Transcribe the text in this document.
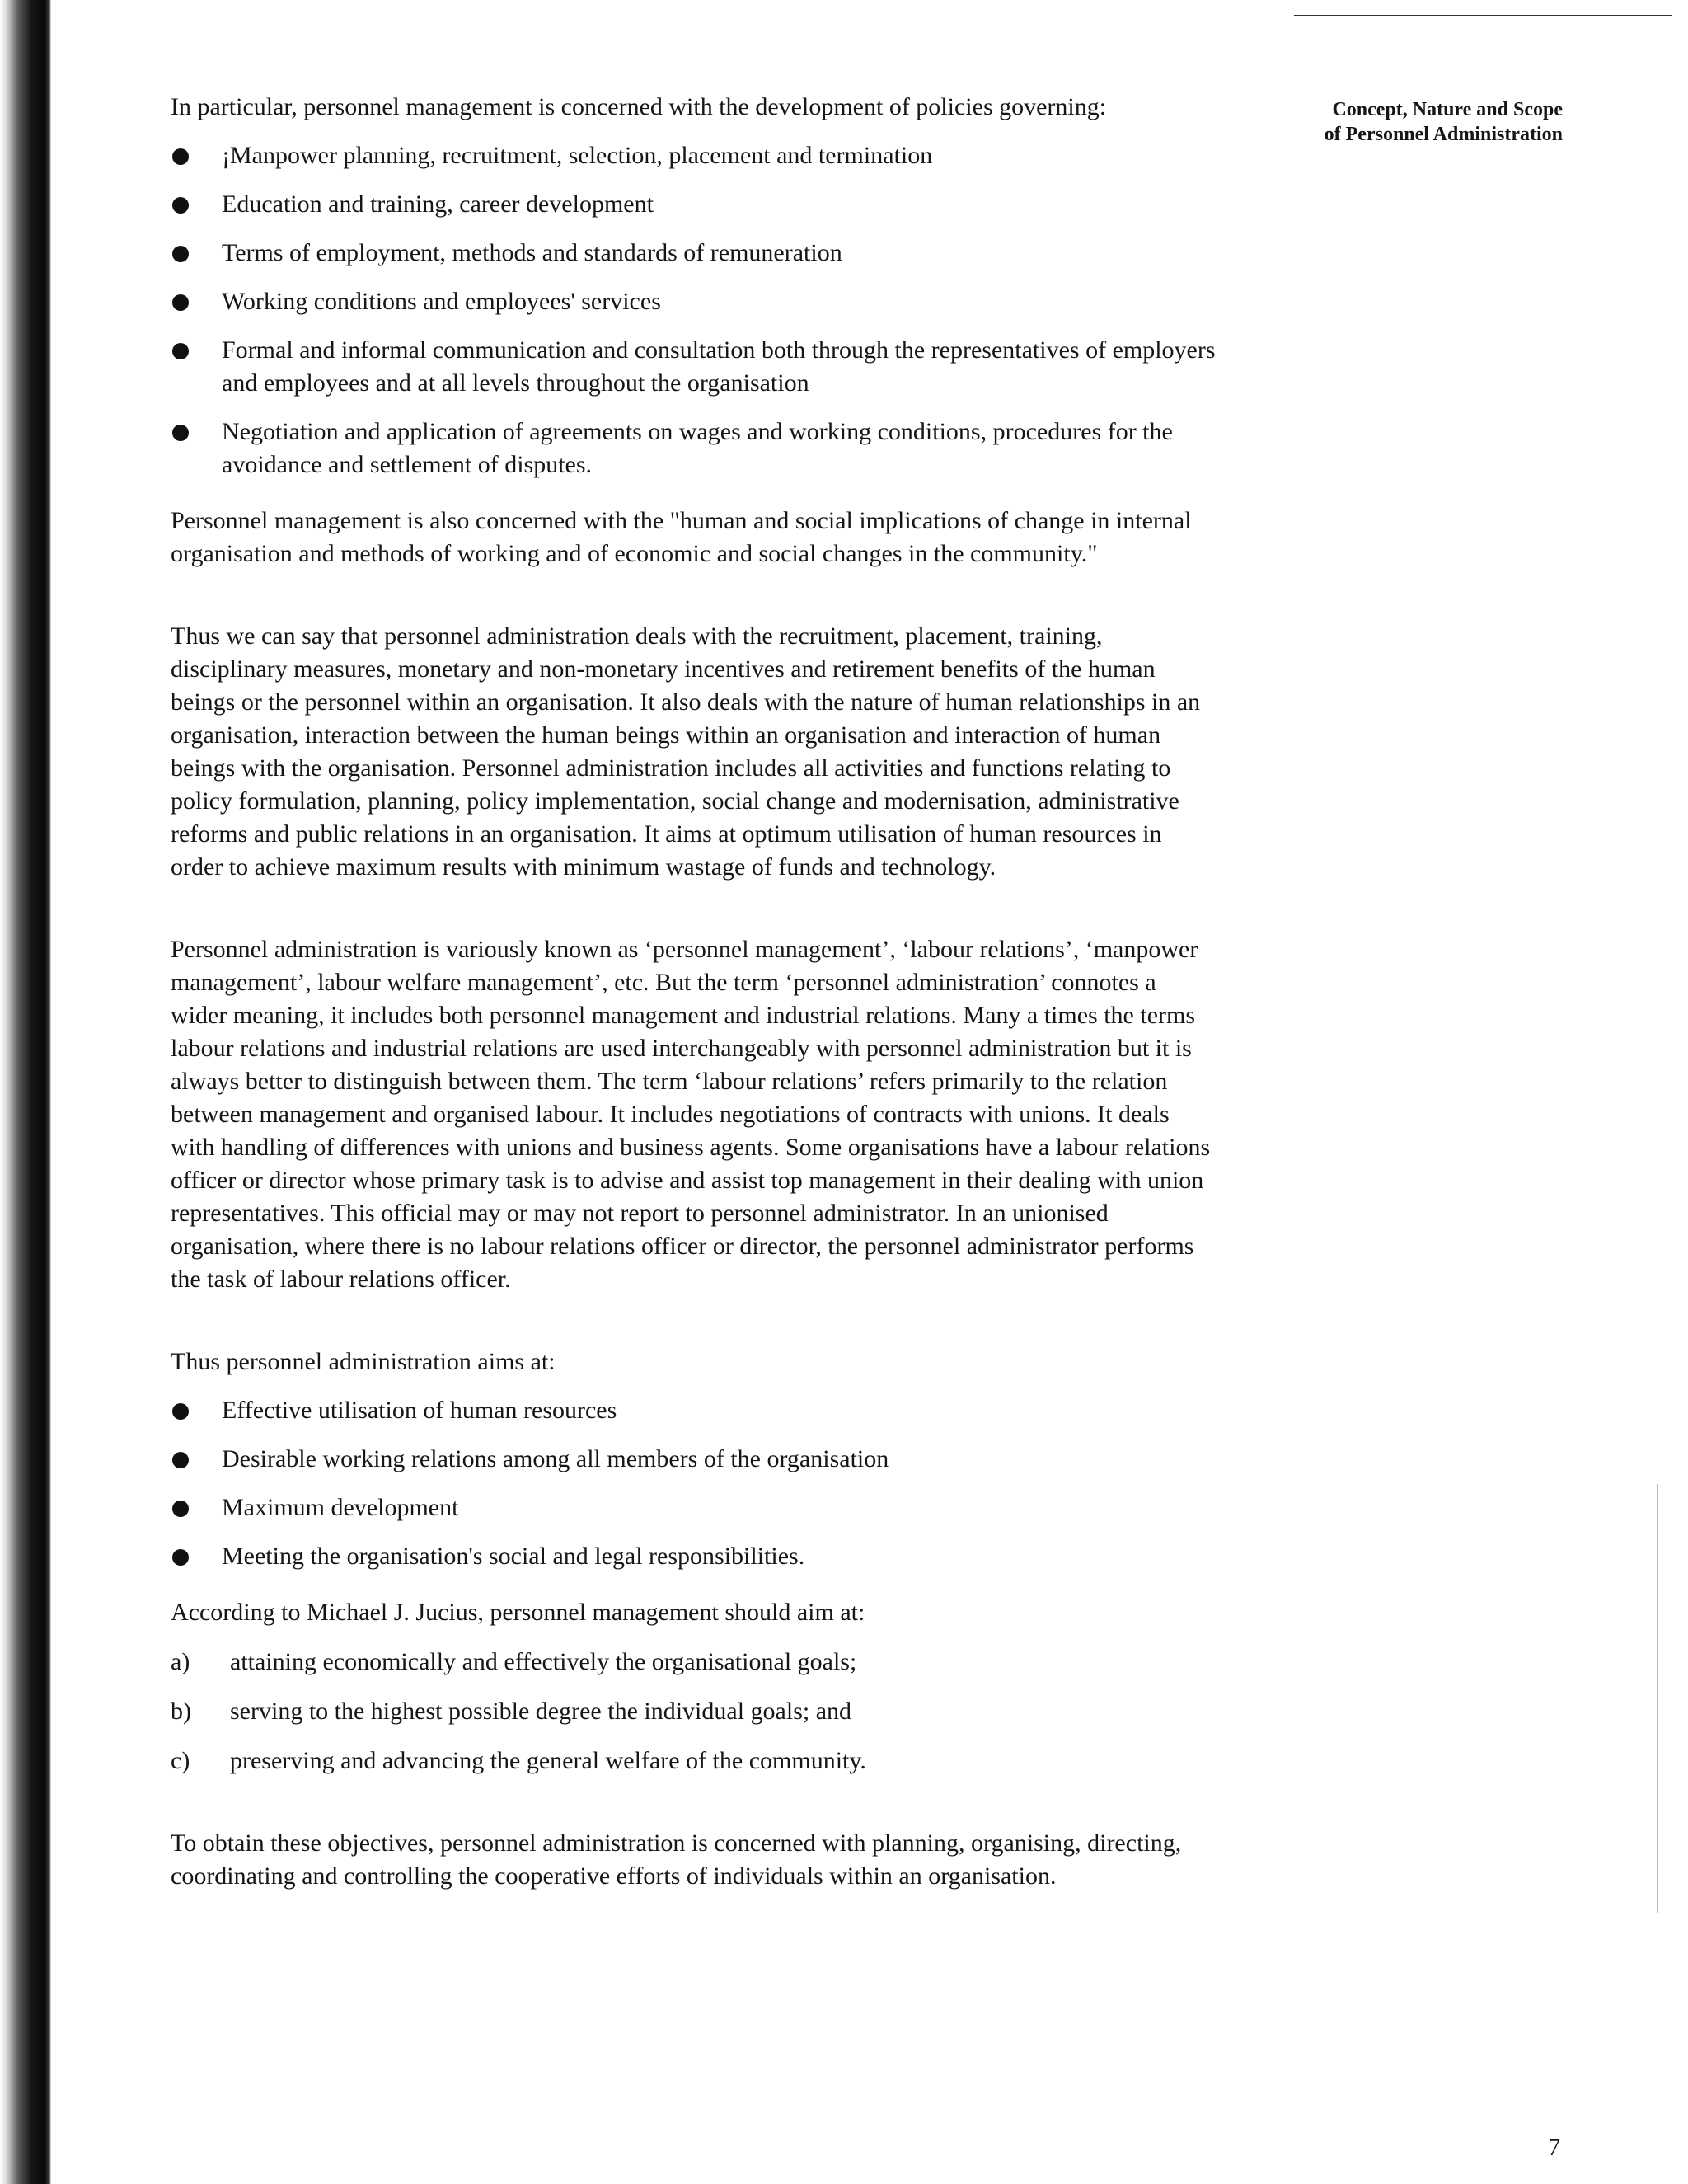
Concept, Nature and Scope
of Personnel Administration

In particular, personnel management is concerned with the development of policies governing:

¡Manpower planning, recruitment, selection, placement and termination
Education and training, career development
Terms of employment, methods and standards of remuneration
Working conditions and employees' services
Formal and informal communication and consultation both through the representatives of employers and employees and at all levels throughout the organisation
Negotiation and application of agreements on wages and working conditions, procedures for the avoidance and settlement of disputes.

Personnel management is also concerned with the "human and social implications of change in internal organisation and methods of working and of economic and social changes in the community."

Thus we can say that personnel administration deals with the recruitment, placement, training, disciplinary measures, monetary and non-monetary incentives and retirement benefits of the human beings or the personnel within an organisation. It also deals with the nature of human relationships in an organisation, interaction between the human beings within an organisation and interaction of human beings with the organisation. Personnel administration includes all activities and functions relating to policy formulation, planning, policy implementation, social change and modernisation, administrative reforms and public relations in an organisation. It aims at optimum utilisation of human resources in order to achieve maximum results with minimum wastage of funds and technology.

Personnel administration is variously known as ‘personnel management’, ‘labour relations’, ‘manpower management’, labour welfare management’, etc. But the term ‘personnel administration’ connotes a wider meaning, it includes both personnel management and industrial relations. Many a times the terms labour relations and industrial relations are used interchangeably with personnel administration but it is always better to distinguish between them. The term ‘labour relations’ refers primarily to the relation between management and organised labour. It includes negotiations of contracts with unions. It deals with handling of differences with unions and business agents. Some organisations have a labour relations officer or director whose primary task is to advise and assist top management in their dealing with union representatives. This official may or may not report to personnel administrator. In an unionised organisation, where there is no labour relations officer or director, the personnel administrator performs the task of labour relations officer.

Thus personnel administration aims at:

Effective utilisation of human resources
Desirable working relations among all members of the organisation
Maximum development
Meeting the organisation's social and legal responsibilities.

According to Michael J. Jucius, personnel management should aim at:

a) attaining economically and effectively the organisational goals;
b) serving to the highest possible degree the individual goals; and
c) preserving and advancing the general welfare of the community.

To obtain these objectives, personnel administration is concerned with planning, organising, directing, coordinating and controlling the cooperative efforts of individuals within an organisation.

7
